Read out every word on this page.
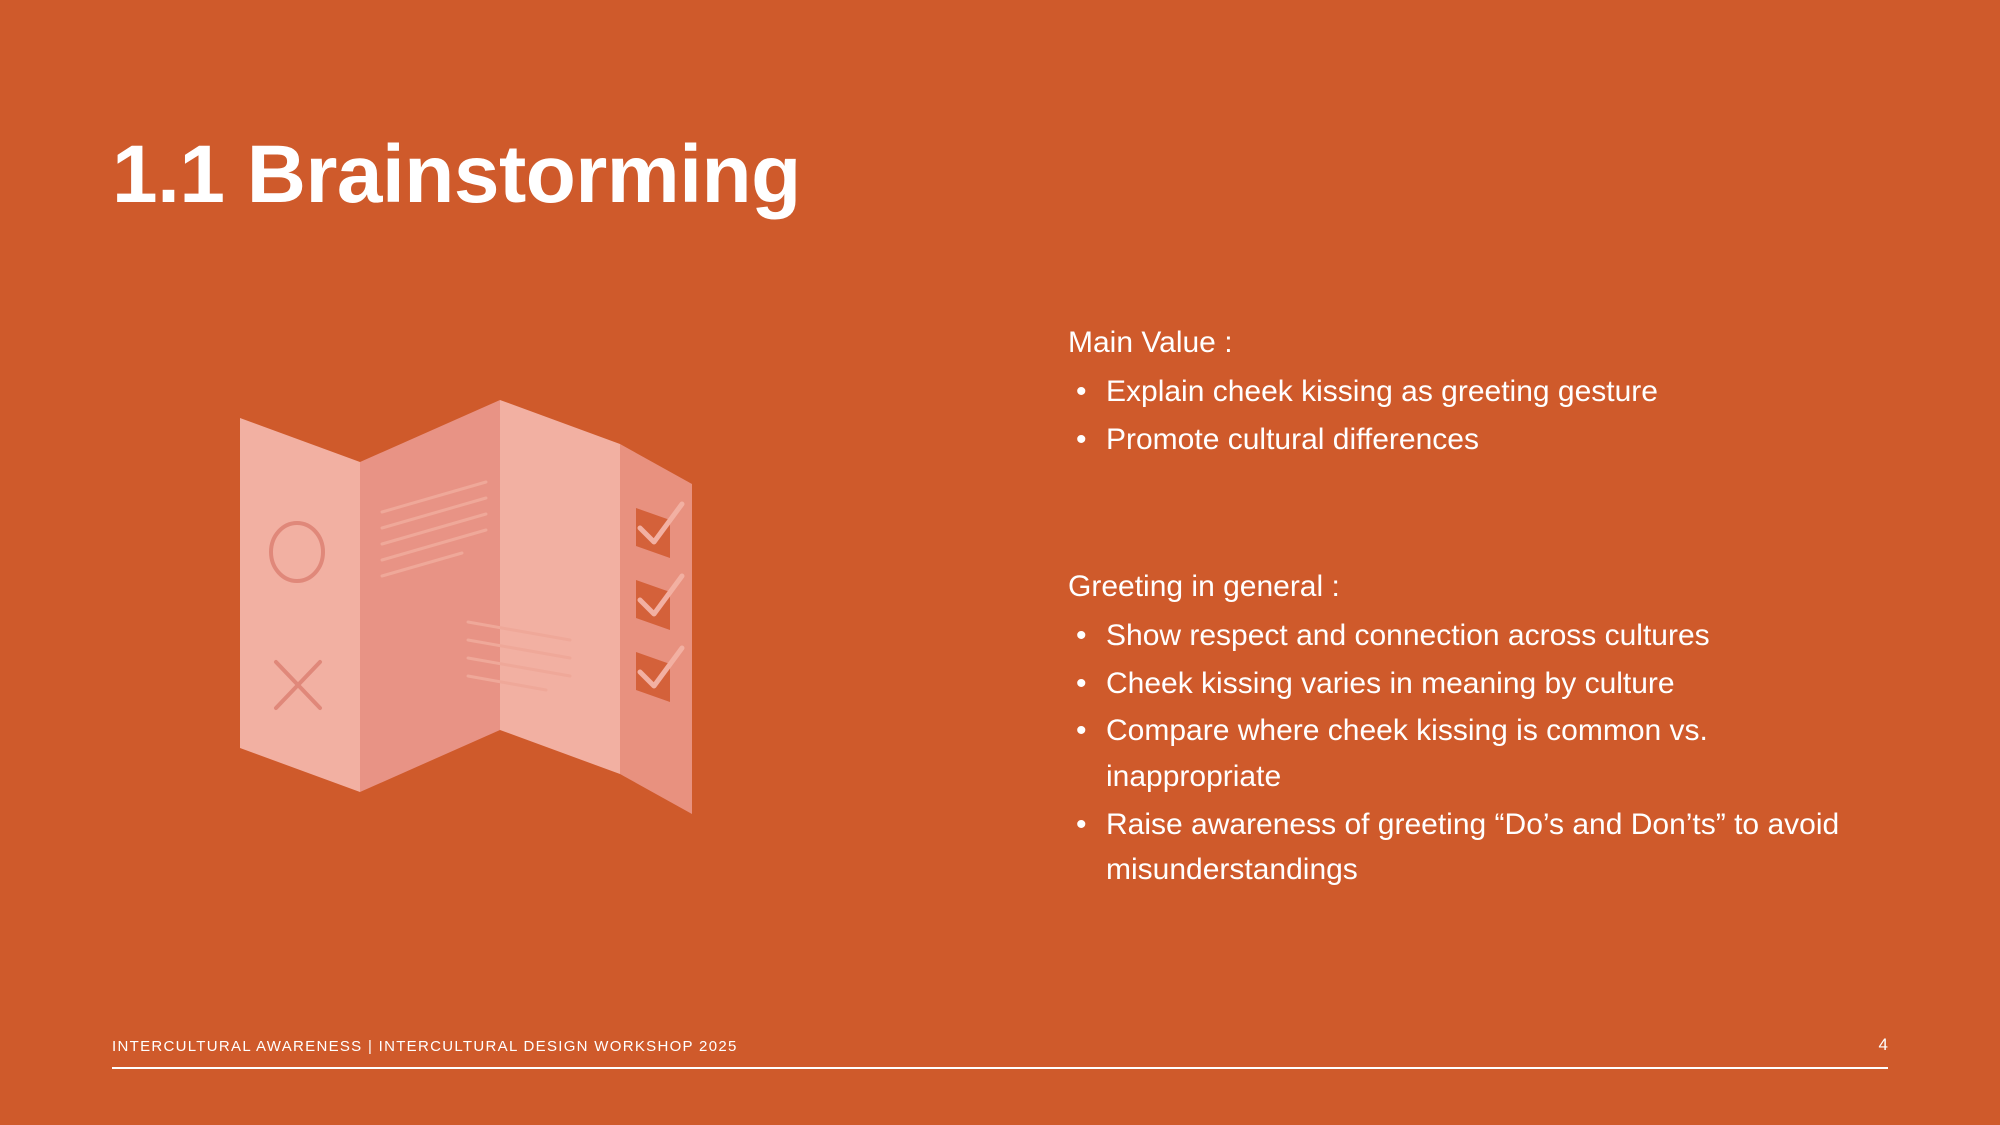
1.1 Brainstorming

Main Value :

• Explain cheek kissing as greeting gesture
• Promote cultural differences

Greeting in general :

• Show respect and connection across cultures
• Cheek kissing varies in meaning by culture
• Compare where cheek kissing is common vs. inappropriate
• Raise awareness of greeting “Do’s and Don’ts” to avoid misunderstandings
INTERCULTURAL AWARENESS | INTERCULTURAL DESIGN WORKSHOP 2025	4
